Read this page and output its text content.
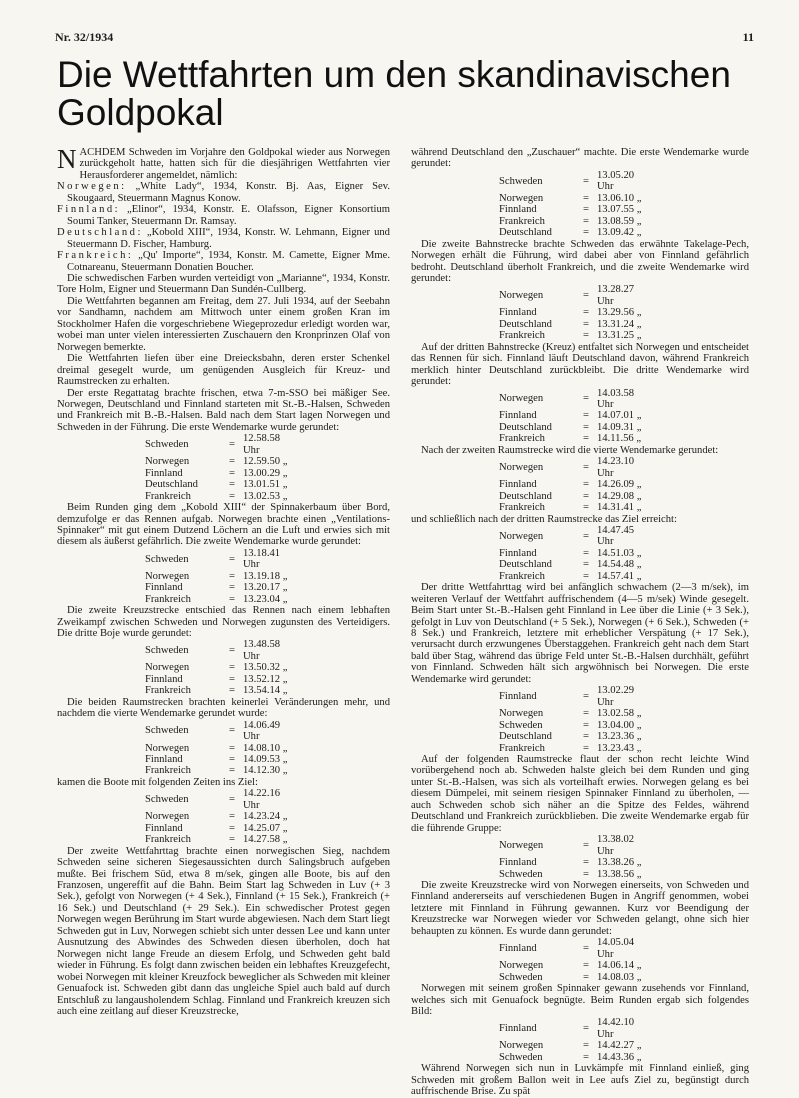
Nr. 32/1934	11
Die Wettfahrten um den skandinavischen Goldpokal

NACHDEM Schweden im Vorjahre den Goldpokal wieder aus Norwegen zurückgeholt hatte, hatten sich für die diesjährigen Wettfahrten vier Herausforderer angemeldet, nämlich:

Norwegen: „White Lady“, 1934, Konstr. Bj. Aas, Eigner Sev. Skougaard, Steuermann Magnus Konow.

Finnland: „Elinor“, 1934, Konstr. E. Olafsson, Eigner Konsortium Soumi Tanker, Steuermann Dr. Ramsay.

Deutschland: „Kobold XIII“, 1934, Konstr. W. Lehmann, Eigner und Steuermann D. Fischer, Hamburg.

Frankreich: „Qu' Importe“, 1934, Konstr. M. Camette, Eigner Mme. Cotnareanu, Steuermann Donatien Boucher.

Die schwedischen Farben wurden verteidigt von „Marianne“, 1934, Konstr. Tore Holm, Eigner und Steuermann Dan Sundén-Cullberg.

Die Wettfahrten begannen am Freitag, dem 27. Juli 1934, auf der Seebahn vor Sandhamn, nachdem am Mittwoch unter einem großen Kran im Stockholmer Hafen die vorgeschriebene Wiegeprozedur erledigt worden war, wobei man unter vielen interessierten Zuschauern den Kronprinzen Olaf von Norwegen bemerkte.

Die Wettfahrten liefen über eine Dreiecksbahn, deren erster Schenkel dreimal gesegelt wurde, um genügenden Ausgleich für Kreuz- und Raumstrecken zu erhalten.

Der erste Regattatag brachte frischen, etwa 7-m-SSO bei mäßiger See. Norwegen, Deutschland und Finnland starteten mit St.-B.-Halsen, Schweden und Frankreich mit B.-B.-Halsen. Bald nach dem Start lagen Norwegen und Schweden in der Führung. Die erste Wendemarke wurde gerundet:

Schweden	=	12.58.58 Uhr
Norwegen	=	12.59.50 „
Finnland	=	13.00.29 „
Deutschland	=	13.01.51 „
Frankreich	=	13.02.53 „

Beim Runden ging dem „Kobold XIII“ der Spinnakerbaum über Bord, demzufolge er das Rennen aufgab. Norwegen brachte einen „Ventilations-Spinnaker“ mit gut einem Dutzend Löchern an die Luft und erwies sich mit diesem als äußerst gefährlich. Die zweite Wendemarke wurde gerundet:

Schweden	=	13.18.41 Uhr
Norwegen	=	13.19.18 „
Finnland	=	13.20.17 „
Frankreich	=	13.23.04 „

Die zweite Kreuzstrecke entschied das Rennen nach einem lebhaften Zweikampf zwischen Schweden und Norwegen zugunsten des Verteidigers. Die dritte Boje wurde gerundet:

Schweden	=	13.48.58 Uhr
Norwegen	=	13.50.32 „
Finnland	=	13.52.12 „
Frankreich	=	13.54.14 „

Die beiden Raumstrecken brachten keinerlei Veränderungen mehr, und nachdem die vierte Wendemarke gerundet wurde:

Schweden	=	14.06.49 Uhr
Norwegen	=	14.08.10 „
Finnland	=	14.09.53 „
Frankreich	=	14.12.30 „

kamen die Boote mit folgenden Zeiten ins Ziel:

Schweden	=	14.22.16 Uhr
Norwegen	=	14.23.24 „
Finnland	=	14.25.07 „
Frankreich	=	14.27.58 „

Der zweite Wettfahrttag brachte einen norwegischen Sieg, nachdem Schweden seine sicheren Siegesaussichten durch Salingsbruch aufgeben mußte. Bei frischem Süd, etwa 8 m/sek, gingen alle Boote, bis auf den Franzosen, ungereffit auf die Bahn. Beim Start lag Schweden in Luv (+ 3 Sek.), gefolgt von Norwegen (+ 4 Sek.), Finnland (+ 15 Sek.), Frankreich (+ 16 Sek.) und Deutschland (+ 29 Sek.). Ein schwedischer Protest gegen Norwegen wegen Berührung im Start wurde abgewiesen. Nach dem Start liegt Schweden gut in Luv, Norwegen schiebt sich unter dessen Lee und kann unter Ausnutzung des Abwindes des Schweden diesen überholen, doch hat Norwegen nicht lange Freude an diesem Erfolg, und Schweden geht bald wieder in Führung. Es folgt dann zwischen beiden ein lebhaftes Kreuzgefecht, wobei Norwegen mit kleiner Kreuzfock beweglicher als Schweden mit kleiner Genuafock ist. Schweden gibt dann das ungleiche Spiel auch bald auf durch Entschluß zu langausholendem Schlag. Finnland und Frankreich kreuzen sich auch eine zeitlang auf dieser Kreuzstrecke,

während Deutschland den „Zuschauer“ machte. Die erste Wendemarke wurde gerundet:

Schweden	=	13.05.20 Uhr
Norwegen	=	13.06.10 „
Finnland	=	13.07.55 „
Frankreich	=	13.08.59 „
Deutschland	=	13.09.42 „

Die zweite Bahnstrecke brachte Schweden das erwähnte Takelage-Pech, Norwegen erhält die Führung, wird dabei aber von Finnland gefährlich bedroht. Deutschland überholt Frankreich, und die zweite Wendemarke wird gerundet:

Norwegen	=	13.28.27 Uhr
Finnland	=	13.29.56 „
Deutschland	=	13.31.24 „
Frankreich	=	13.31.25 „

Auf der dritten Bahnstrecke (Kreuz) entfaltet sich Norwegen und entscheidet das Rennen für sich. Finnland läuft Deutschland davon, während Frankreich merklich hinter Deutschland zurückbleibt. Die dritte Wendemarke wird gerundet:

Norwegen	=	14.03.58 Uhr
Finnland	=	14.07.01 „
Deutschland	=	14.09.31 „
Frankreich	=	14.11.56 „

Nach der zweiten Raumstrecke wird die vierte Wendemarke gerundet:

Norwegen	=	14.23.10 Uhr
Finnland	=	14.26.09 „
Deutschland	=	14.29.08 „
Frankreich	=	14.31.41 „

und schließlich nach der dritten Raumstrecke das Ziel erreicht:

Norwegen	=	14.47.45 Uhr
Finnland	=	14.51.03 „
Deutschland	=	14.54.48 „
Frankreich	=	14.57.41 „

Der dritte Wettfahrttag wird bei anfänglich schwachem (2—3 m/sek), im weiteren Verlauf der Wettfahrt auffrischendem (4—5 m/sek) Winde gesegelt. Beim Start unter St.-B.-Halsen geht Finnland in Lee über die Linie (+ 3 Sek.), gefolgt in Luv von Deutschland (+ 5 Sek.), Norwegen (+ 6 Sek.), Schweden (+ 8 Sek.) und Frankreich, letztere mit erheblicher Verspätung (+ 17 Sek.), verursacht durch erzwungenes Überstaggehen. Frankreich geht nach dem Start bald über Stag, während das übrige Feld unter St.-B.-Halsen durchhält, geführt von Finnland. Schweden hält sich argwöhnisch bei Norwegen. Die erste Wendemarke wird gerundet:

Finnland	=	13.02.29 Uhr
Norwegen	=	13.02.58 „
Schweden	=	13.04.00 „
Deutschland	=	13.23.36 „
Frankreich	=	13.23.43 „

Auf der folgenden Raumstrecke flaut der schon recht leichte Wind vorübergehend noch ab. Schweden halste gleich bei dem Runden und ging unter St.-B.-Halsen, was sich als vorteilhaft erwies. Norwegen gelang es bei diesem Dümpelei, mit seinem riesigen Spinnaker Finnland zu überholen, — auch Schweden schob sich näher an die Spitze des Feldes, während Deutschland und Frankreich zurückblieben. Die zweite Wendemarke ergab für die führende Gruppe:

Norwegen	=	13.38.02 Uhr
Finnland	=	13.38.26 „
Schweden	=	13.38.56 „

Die zweite Kreuzstrecke wird von Norwegen einerseits, von Schweden und Finnland andererseits auf verschiedenen Bugen in Angriff genommen, wobei letztere mit Finnland in Führung gewannen. Kurz vor Beendigung der Kreuzstrecke war Norwegen wieder vor Schweden gelangt, ohne sich hier behaupten zu können. Es wurde dann gerundet:

Finnland	=	14.05.04 Uhr
Norwegen	=	14.06.14 „
Schweden	=	14.08.03 „

Norwegen mit seinem großen Spinnaker gewann zusehends vor Finnland, welches sich mit Genuafock begnügte. Beim Runden ergab sich folgendes Bild:

Finnland	=	14.42.10 Uhr
Norwegen	=	14.42.27 „
Schweden	=	14.43.36 „

Während Norwegen sich nun in Luvkämpfe mit Finnland einließ, ging Schweden mit großem Ballon weit in Lee aufs Ziel zu, begünstigt durch auffrischende Brise. Zu spät
